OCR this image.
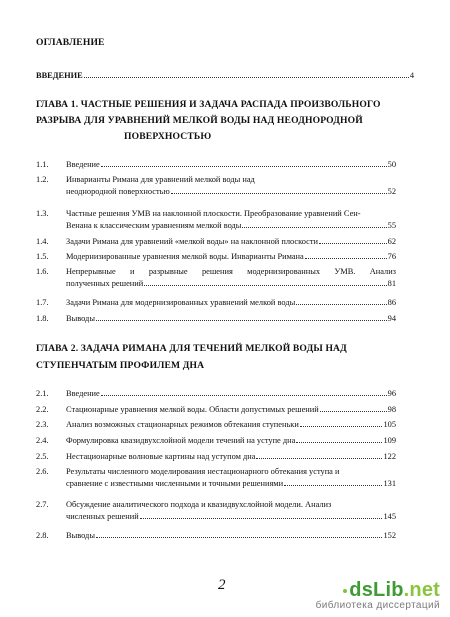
ОГЛАВЛЕНИЕ
ВВЕДЕНИЕ	4
ГЛАВА 1. ЧАСТНЫЕ РЕШЕНИЯ И ЗАДАЧА РАСПАДА ПРОИЗВОЛЬНОГО
РАЗРЫВА ДЛЯ УРАВНЕНИЙ МЕЛКОЙ ВОДЫ НАД НЕОДНОРОДНОЙ
ПОВЕРХНОСТЬЮ
1.1. Введение	50
1.2. Инварианты Римана для уравнений мелкой воды над
неоднородной поверхностью	52
1.3. Частные решения УМВ на наклонной плоскости. Преобразование уравнений Сен-
Венана к классическим уравнениям мелкой воды	55
1.4. Задачи Римана для уравнений «мелкой воды» на наклонной плоскости	62
1.5. Модернизированные уравнения мелкой воды. Инварианты Римана	76
1.6. Непрерывные и разрывные решения модернизированных УМВ. Анализ
полученных решений	81
1.7. Задачи Римана для модернизированных уравнений мелкой воды	86
1.8. Выводы	94
ГЛАВА 2. ЗАДАЧА РИМАНА ДЛЯ ТЕЧЕНИЙ МЕЛКОЙ ВОДЫ НАД
СТУПЕНЧАТЫМ ПРОФИЛЕМ ДНА
2.1. Введение	96
2.2. Стационарные уравнения мелкой воды. Области допустимых решений	98
2.3. Анализ возможных стационарных режимов обтекания ступеньки	105
2.4. Формулировка квазидвухслойной модели течений на уступе дна	109
2.5. Нестационарные волновые картины над уступом дна	122
2.6. Результаты численного моделирования нестационарного обтекания уступа и
сравнение с известными численными и точными решениями	131
2.7. Обсуждение аналитического подхода и квазидвухслойной модели. Анализ
численных решений	145
2.8. Выводы	152
2	dsLib.net
библиотека диссертаций
